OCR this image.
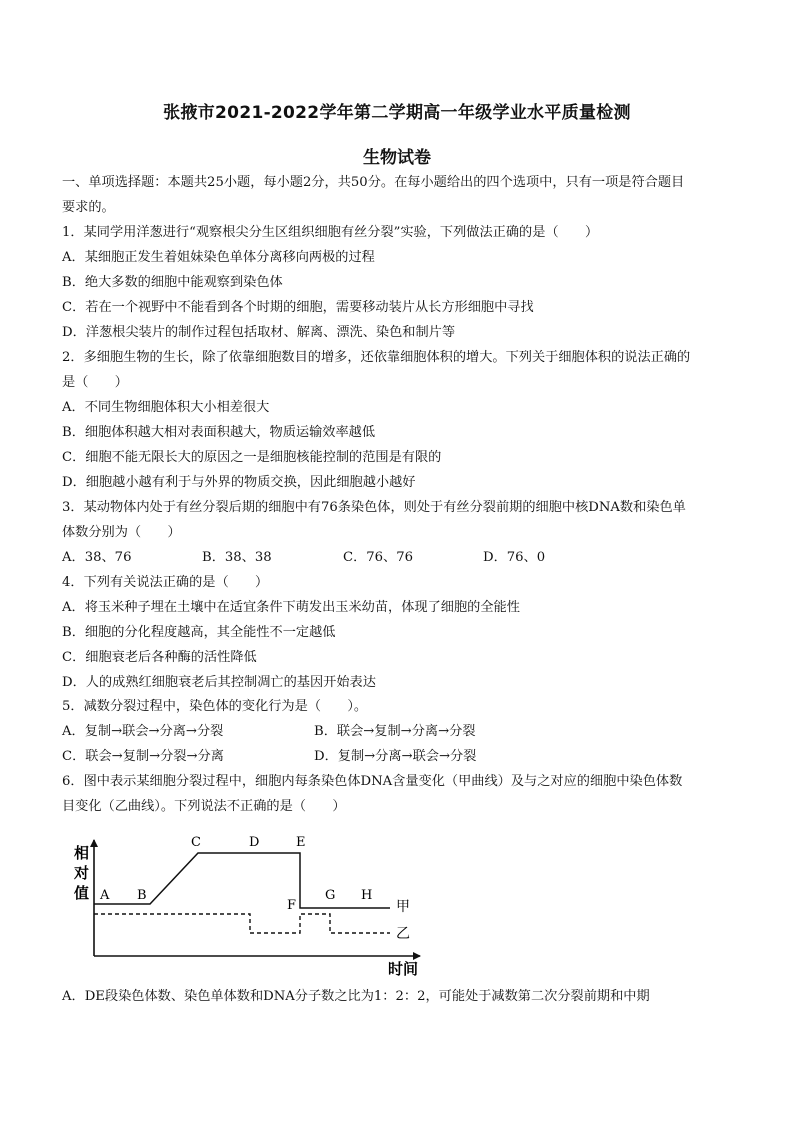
张掖市2021-2022学年第二学期高一年级学业水平质量检测
生物试卷
一、单项选择题：本题共25小题，每小题2分，共50分。在每小题给出的四个选项中，只有一项是符合题目
要求的。
1．某同学用洋葱进行“观察根尖分生区组织细胞有丝分裂”实验，下列做法正确的是（　　）
A．某细胞正发生着姐妹染色单体分离移向两极的过程
B．绝大多数的细胞中能观察到染色体
C．若在一个视野中不能看到各个时期的细胞，需要移动装片从长方形细胞中寻找
D．洋葱根尖装片的制作过程包括取材、解离、漂洗、染色和制片等
2．多细胞生物的生长，除了依靠细胞数目的增多，还依靠细胞体积的增大。下列关于细胞体积的说法正确的
是（　　）
A．不同生物细胞体积大小相差很大
B．细胞体积越大相对表面积越大，物质运输效率越低
C．细胞不能无限长大的原因之一是细胞核能控制的范围是有限的
D．细胞越小越有利于与外界的物质交换，因此细胞越小越好
3．某动物体内处于有丝分裂后期的细胞中有76条染色体，则处于有丝分裂前期的细胞中核DNA数和染色单
体数分别为（　　）
A．38、76	B．38、38	C．76、76	D．76、0
4．下列有关说法正确的是（　　）
A．将玉米种子埋在土壤中在适宜条件下萌发出玉米幼苗，体现了细胞的全能性
B．细胞的分化程度越高，其全能性不一定越低
C．细胞衰老后各种酶的活性降低
D．人的成熟红细胞衰老后其控制凋亡的基因开始表达
5．减数分裂过程中，染色体的变化行为是（　　）。
A．复制→联会→分离→分裂	B．联会→复制→分离→分裂
C．联会→复制→分裂→分离	D．复制→分离→联会→分裂
6．图中表示某细胞分裂过程中，细胞内每条染色体DNA含量变化（甲曲线）及与之对应的细胞中染色体数
目变化（乙曲线）。下列说法不正确的是（　　）
相
对
值
时间
A B
C	D	E
F
G H
甲
乙
A．DE段染色体数、染色单体数和DNA分子数之比为1：2：2，可能处于减数第二次分裂前期和中期
